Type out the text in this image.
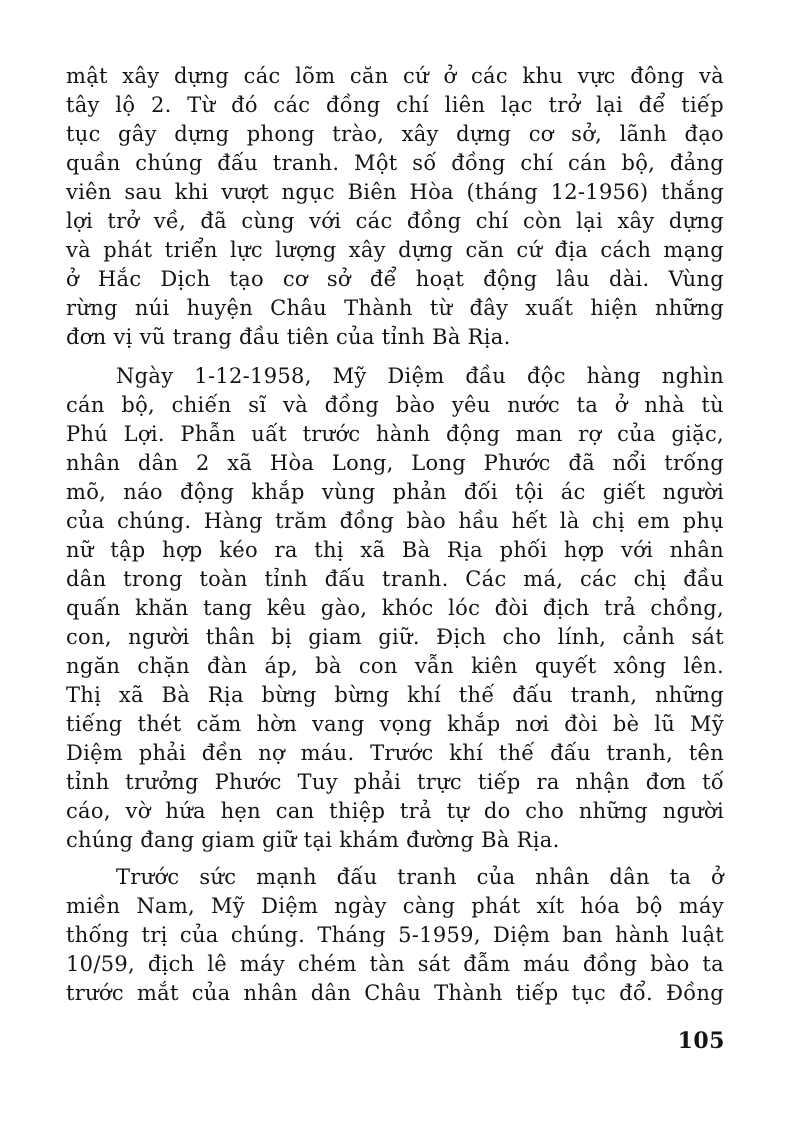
mật xây dựng các lõm căn cứ ở các khu vực đông và
tây lộ 2. Từ đó các đồng chí liên lạc trở lại để tiếp
tục gây dựng phong trào, xây dựng cơ sở, lãnh đạo
quần chúng đấu tranh. Một số đồng chí cán bộ, đảng
viên sau khi vượt ngục Biên Hòa (tháng 12-1956) thắng
lợi trở về, đã cùng với các đồng chí còn lại xây dựng
và phát triển lực lượng xây dựng căn cứ địa cách mạng
ở Hắc Dịch tạo cơ sở để hoạt động lâu dài. Vùng
rừng núi huyện Châu Thành từ đây xuất hiện những
đơn vị vũ trang đầu tiên của tỉnh Bà Rịa.
Ngày 1-12-1958, Mỹ Diệm đầu độc hàng nghìn
cán bộ, chiến sĩ và đồng bào yêu nước ta ở nhà tù
Phú Lợi. Phẫn uất trước hành động man rợ của giặc,
nhân dân 2 xã Hòa Long, Long Phước đã nổi trống
mõ, náo động khắp vùng phản đối tội ác giết người
của chúng. Hàng trăm đồng bào hầu hết là chị em phụ
nữ tập hợp kéo ra thị xã Bà Rịa phối hợp với nhân
dân trong toàn tỉnh đấu tranh. Các má, các chị đầu
quấn khăn tang kêu gào, khóc lóc đòi địch trả chồng,
con, người thân bị giam giữ. Địch cho lính, cảnh sát
ngăn chặn đàn áp, bà con vẫn kiên quyết xông lên.
Thị xã Bà Rịa bừng bừng khí thế đấu tranh, những
tiếng thét căm hờn vang vọng khắp nơi đòi bè lũ Mỹ
Diệm phải đền nợ máu. Trước khí thế đấu tranh, tên
tỉnh trưởng Phước Tuy phải trực tiếp ra nhận đơn tố
cáo, vờ hứa hẹn can thiệp trả tự do cho những người
chúng đang giam giữ tại khám đường Bà Rịa.
Trước sức mạnh đấu tranh của nhân dân ta ở
miền Nam, Mỹ Diệm ngày càng phát xít hóa bộ máy
thống trị của chúng. Tháng 5-1959, Diệm ban hành luật
10/59, địch lê máy chém tàn sát đẫm máu đồng bào ta
trước mắt của nhân dân Châu Thành tiếp tục đổ. Đồng
105
